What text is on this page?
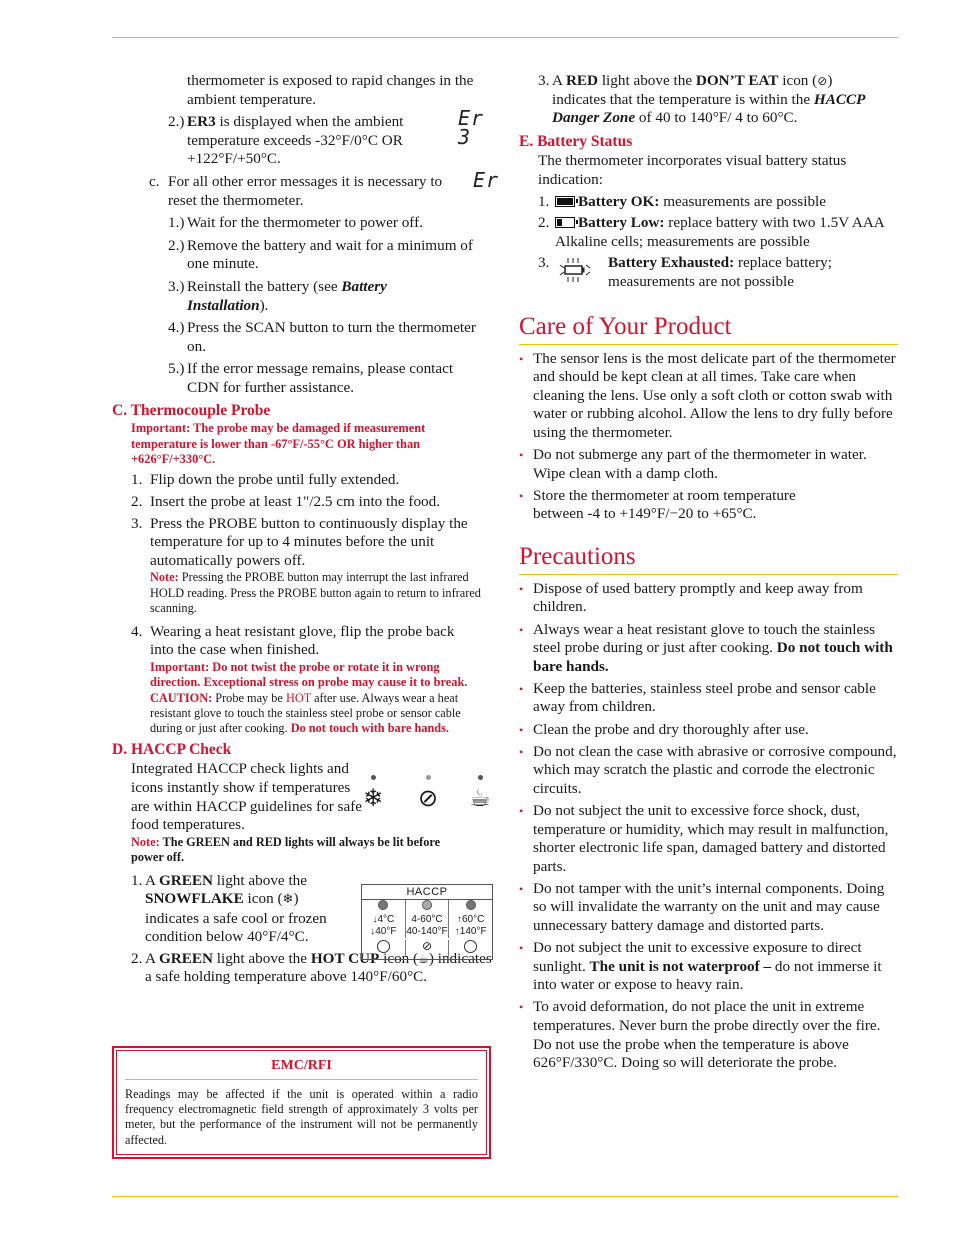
thermometer is exposed to rapid changes in the ambient temperature.

2.) ER3 is displayed when the ambient temperature exceeds -32°F/0°C OR +122°F/+50°C.
Er 3
c. For all other error messages it is necessary to reset the thermometer.
Er
1.) Wait for the thermometer to power off.
2.) Remove the battery and wait for a minimum of one minute.
3.) Reinstall the battery (see Battery Installation).
4.) Press the SCAN button to turn the thermometer on.
5.) If the error message remains, please contact CDN for further assistance.
C. Thermocouple Probe

Important: The probe may be damaged if measurement temperature is lower than -67°F/-55°C OR higher than +626°F/+330°C.

1. Flip down the probe until fully extended.
2. Insert the probe at least 1"/2.5 cm into the food.
3. Press the PROBE button to continuously display the temperature for up to 4 minutes before the unit automatically powers off.

Note: Pressing the PROBE button may interrupt the last infrared HOLD reading. Press the PROBE button again to return to infrared scanning.

4. Wearing a heat resistant glove, flip the probe back into the case when finished.

Important: Do not twist the probe or rotate it in wrong direction. Exceptional stress on probe may cause it to break.

CAUTION: Probe may be HOT after use. Always wear a heat resistant glove to touch the stainless steel probe or sensor cable during or just after cooking. Do not touch with bare hands.

D. HACCP Check

Integrated HACCP check lights and icons instantly show if temperatures are within HACCP guidelines for safe food temperatures.

Note: The GREEN and RED lights will always be lit before power off.

1. A GREEN light above the SNOWFLAKE icon (❄) indicates a safe cool or frozen condition below 40°F/4°C.
2. A GREEN light above the HOT CUP icon (☕) indicates a safe holding temperature above 140°F/60°C.
❄ ⊘ ☕
HACCP
↓4°C	4-60°C	↑60°C
↓40°F 40-140°F ↑140°F
⊘
EMC/RFI
Readings may be affected if the unit is operated within a radio frequency electromagnetic field strength of approximately 3 volts per meter, but the performance of the instrument will not be permanently affected.
3. A RED light above the DON’T EAT icon (⊘) indicates that the temperature is within the HACCP Danger Zone of 40 to 140°F/ 4 to 60°C.
E. Battery Status

The thermometer incorporates visual battery status indication:

1. Battery OK: measurements are possible
2. Battery Low: replace battery with two 1.5V AAA Alkaline cells; measurements are possible
3.	Battery Exhausted: replace battery; measurements are not possible
Care of Your Product
• The sensor lens is the most delicate part of the thermometer and should be kept clean at all times. Take care when cleaning the lens. Use only a soft cloth or cotton swab with water or rubbing alcohol. Allow the lens to dry fully before using the thermometer.
• Do not submerge any part of the thermometer in water. Wipe clean with a damp cloth.
• Store the thermometer at room temperature between -4 to +149°F/−20 to +65°C.
Precautions
• Dispose of used battery promptly and keep away from children.
• Always wear a heat resistant glove to touch the stainless steel probe during or just after cooking. Do not touch with bare hands.
• Keep the batteries, stainless steel probe and sensor cable away from children.
• Clean the probe and dry thoroughly after use.
• Do not clean the case with abrasive or corrosive compound, which may scratch the plastic and corrode the electronic circuits.
• Do not subject the unit to excessive force shock, dust, temperature or humidity, which may result in malfunction, shorter electronic life span, damaged battery and distorted parts.
• Do not tamper with the unit’s internal components. Doing so will invalidate the warranty on the unit and may cause unnecessary battery damage and distorted parts.
• Do not subject the unit to excessive exposure to direct sunlight. The unit is not waterproof – do not immerse it into water or expose to heavy rain.
• To avoid deformation, do not place the unit in extreme temperatures. Never burn the probe directly over the fire. Do not use the probe when the temperature is above 626°F/330°C. Doing so will deteriorate the probe.
